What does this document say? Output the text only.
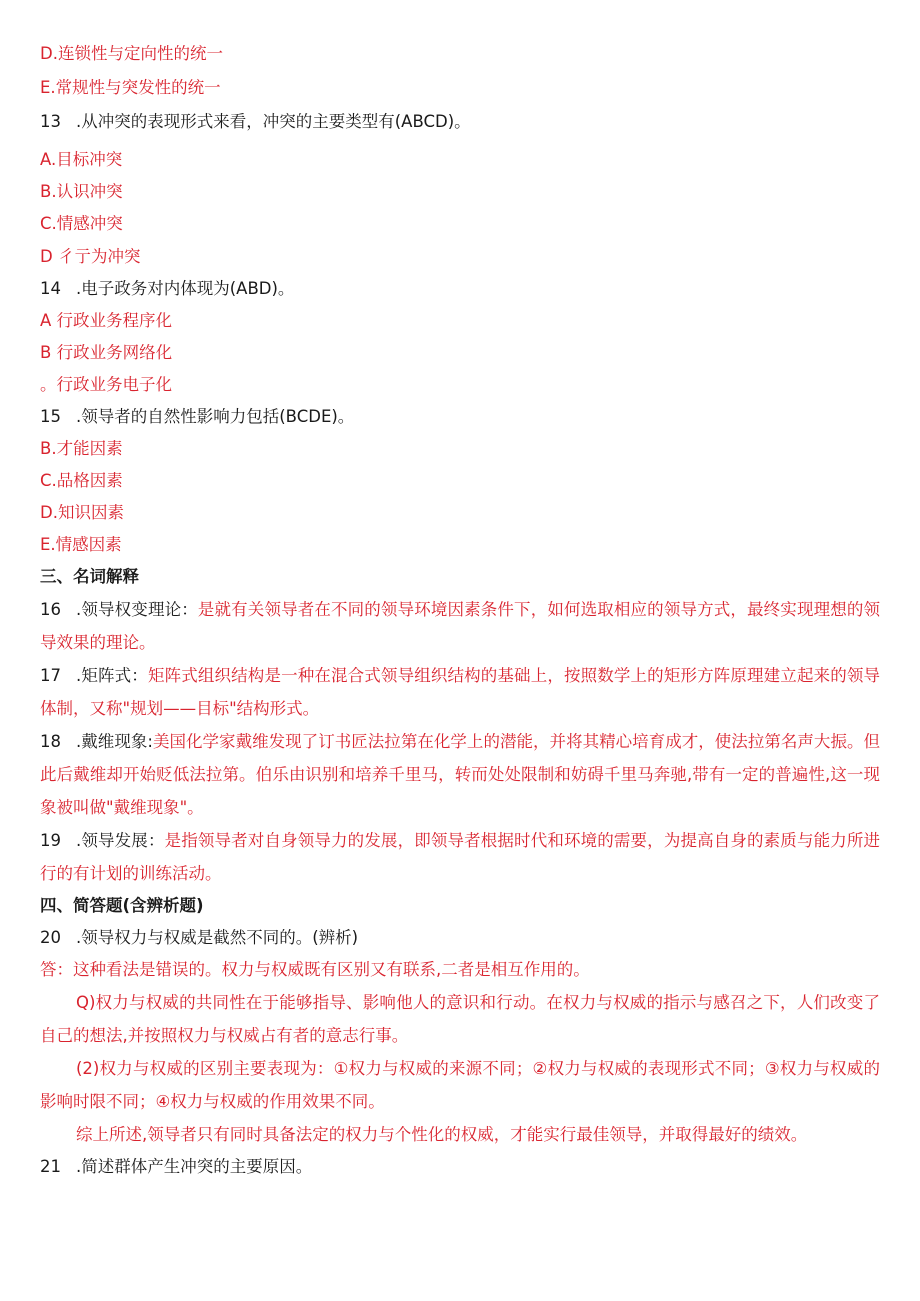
D.连锁性与定向性的统一
E.常规性与突发性的统一
13 .从冲突的表现形式来看，冲突的主要类型有(ABCD)。
A.目标冲突
B.认识冲突
C.情感冲突
D 彳亍为冲突
14 .电子政务对内体现为(ABD)。
A 行政业务程序化
B 行政业务网络化
。行政业务电子化
15 .领导者的自然性影响力包括(BCDE)。
B.才能因素
C.品格因素
D.知识因素
E.情感因素
三、名词解释
16 .领导权变理论：是就有关领导者在不同的领导环境因素条件下，如何选取相应的领导方式，最终实现理想的领导效果的理论。
17 .矩阵式：矩阵式组织结构是一种在混合式领导组织结构的基础上，按照数学上的矩形方阵原理建立起来的领导体制，又称"规划——目标"结构形式。
18 .戴维现象:美国化学家戴维发现了订书匠法拉第在化学上的潜能，并将其精心培育成才，使法拉第名声大振。但此后戴维却开始贬低法拉第。伯乐由识别和培养千里马，转而处处限制和妨碍千里马奔驰,带有一定的普遍性,这一现象被叫做"戴维现象"。
19 .领导发展：是指领导者对自身领导力的发展，即领导者根据时代和环境的需要，为提高自身的素质与能力所进行的有计划的训练活动。
四、简答题(含辨析题)
20 .领导权力与权威是截然不同的。(辨析)
答：这种看法是错误的。权力与权威既有区别又有联系,二者是相互作用的。
Q)权力与权威的共同性在于能够指导、影响他人的意识和行动。在权力与权威的指示与感召之下，人们改变了自己的想法,并按照权力与权威占有者的意志行事。
(2)权力与权威的区别主要表现为：①权力与权威的来源不同；②权力与权威的表现形式不同；③权力与权威的影响时限不同；④权力与权威的作用效果不同。
综上所述,领导者只有同时具备法定的权力与个性化的权威，才能实行最佳领导，并取得最好的绩效。
21 .简述群体产生冲突的主要原因。
